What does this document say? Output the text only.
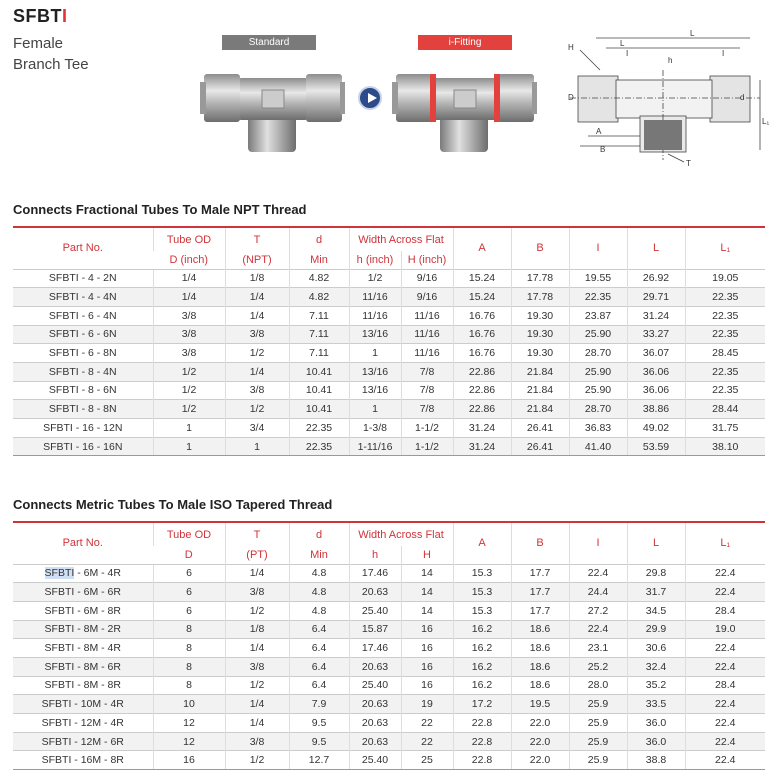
SFBTI
Female
Branch Tee
Standard	i-Fitting
L
L
I	I
H
h
D	d
A
B
T
L₁
Connects Fractional Tubes To Male NPT Thread
Part No.	Tube OD	T	d	Width Across Flat		A	B	I	L	L₁
	D (inch)	(NPT)	Min	h (inch)	H (inch)					
SFBTI - 4 - 2N	1/4	1/8	4.82	1/2	9/16	15.24	17.78	19.55	26.92	19.05
SFBTI - 4 - 4N	1/4	1/4	4.82	11/16	9/16	15.24	17.78	22.35	29.71	22.35
SFBTI - 6 - 4N	3/8	1/4	7.11	11/16	11/16	16.76	19.30	23.87	31.24	22.35
SFBTI - 6 - 6N	3/8	3/8	7.11	13/16	11/16	16.76	19.30	25.90	33.27	22.35
SFBTI - 6 - 8N	3/8	1/2	7.11	1	11/16	16.76	19.30	28.70	36.07	28.45
SFBTI - 8 - 4N	1/2	1/4	10.41	13/16	7/8	22.86	21.84	25.90	36.06	22.35
SFBTI - 8 - 6N	1/2	3/8	10.41	13/16	7/8	22.86	21.84	25.90	36.06	22.35
SFBTI - 8 - 8N	1/2	1/2	10.41	1	7/8	22.86	21.84	28.70	38.86	28.44
SFBTI - 16 - 12N	1	3/4	22.35	1-3/8	1-1/2	31.24	26.41	36.83	49.02	31.75
SFBTI - 16 - 16N	1	1	22.35	1-11/16	1-1/2	31.24	26.41	41.40	53.59	38.10
Connects Metric Tubes To Male ISO Tapered Thread
Part No.	Tube OD	T	d	Width Across Flat		A	B	I	L	L₁
	D	(PT)	Min	h	H					
SFBTI - 6M - 4R	6	1/4	4.8	17.46	14	15.3	17.7	22.4	29.8	22.4
SFBTI - 6M - 6R	6	3/8	4.8	20.63	14	15.3	17.7	24.4	31.7	22.4
SFBTI - 6M - 8R	6	1/2	4.8	25.40	14	15.3	17.7	27.2	34.5	28.4
SFBTI - 8M - 2R	8	1/8	6.4	15.87	16	16.2	18.6	22.4	29.9	19.0
SFBTI - 8M - 4R	8	1/4	6.4	17.46	16	16.2	18.6	23.1	30.6	22.4
SFBTI - 8M - 6R	8	3/8	6.4	20.63	16	16.2	18.6	25.2	32.4	22.4
SFBTI - 8M - 8R	8	1/2	6.4	25.40	16	16.2	18.6	28.0	35.2	28.4
SFBTI - 10M - 4R	10	1/4	7.9	20.63	19	17.2	19.5	25.9	33.5	22.4
SFBTI - 12M - 4R	12	1/4	9.5	20.63	22	22.8	22.0	25.9	36.0	22.4
SFBTI - 12M - 6R	12	3/8	9.5	20.63	22	22.8	22.0	25.9	36.0	22.4
SFBTI - 16M - 8R	16	1/2	12.7	25.40	25	22.8	22.0	25.9	38.8	22.4
